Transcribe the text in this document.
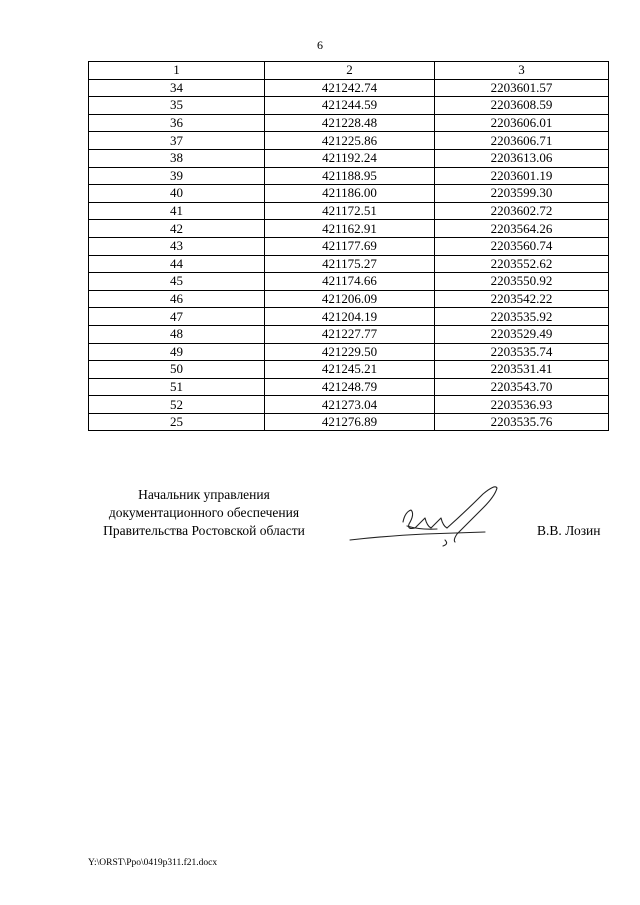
6
1	2	3
34	421242.74	2203601.57
35	421244.59	2203608.59
36	421228.48	2203606.01
37	421225.86	2203606.71
38	421192.24	2203613.06
39	421188.95	2203601.19
40	421186.00	2203599.30
41	421172.51	2203602.72
42	421162.91	2203564.26
43	421177.69	2203560.74
44	421175.27	2203552.62
45	421174.66	2203550.92
46	421206.09	2203542.22
47	421204.19	2203535.92
48	421227.77	2203529.49
49	421229.50	2203535.74
50	421245.21	2203531.41
51	421248.79	2203543.70
52	421273.04	2203536.93
25	421276.89	2203535.76
Начальник управления
документационного обеспечения
Правительства Ростовской области	В.В. Лозин
Y:\ORST\Ppo\0419p311.f21.docx
